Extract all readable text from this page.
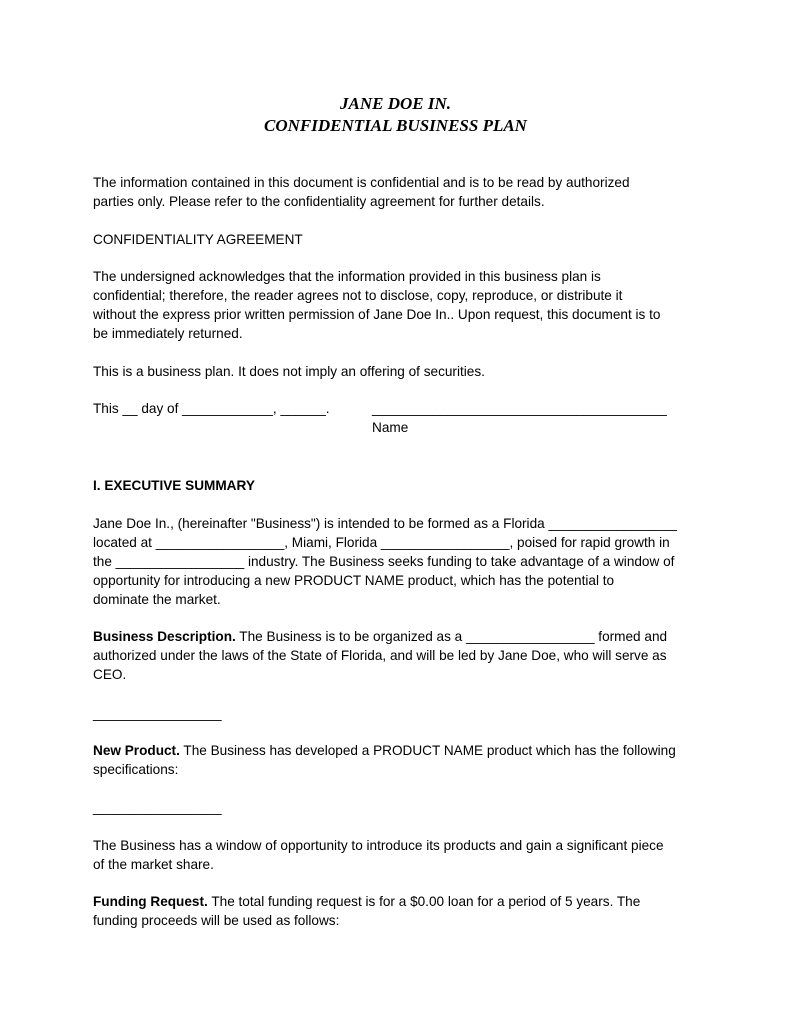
JANE DOE IN.
CONFIDENTIAL BUSINESS PLAN

The information contained in this document is confidential and is to be read by authorized

parties only. Please refer to the confidentiality agreement for further details.

CONFIDENTIALITY AGREEMENT

The undersigned acknowledges that the information provided in this business plan is

confidential; therefore, the reader agrees not to disclose, copy, reproduce, or distribute it

without the express prior written permission of Jane Doe In.. Upon request, this document is to

be immediately returned.

This is a business plan. It does not imply an offering of securities.

This __ day of ____________, ______.	_______________________________________
Name

I. EXECUTIVE SUMMARY

Jane Doe In., (hereinafter "Business") is intended to be formed as a Florida _________________

located at _________________, Miami, Florida _________________, poised for rapid growth in

the _________________ industry. The Business seeks funding to take advantage of a window of

opportunity for introducing a new PRODUCT NAME product, which has the potential to

dominate the market.

Business Description. The Business is to be organized as a _________________ formed and

authorized under the laws of the State of Florida, and will be led by Jane Doe, who will serve as

CEO.

_________________

New Product. The Business has developed a PRODUCT NAME product which has the following

specifications:

_________________

The Business has a window of opportunity to introduce its products and gain a significant piece

of the market share.

Funding Request. The total funding request is for a $0.00 loan for a period of 5 years. The

funding proceeds will be used as follows:
